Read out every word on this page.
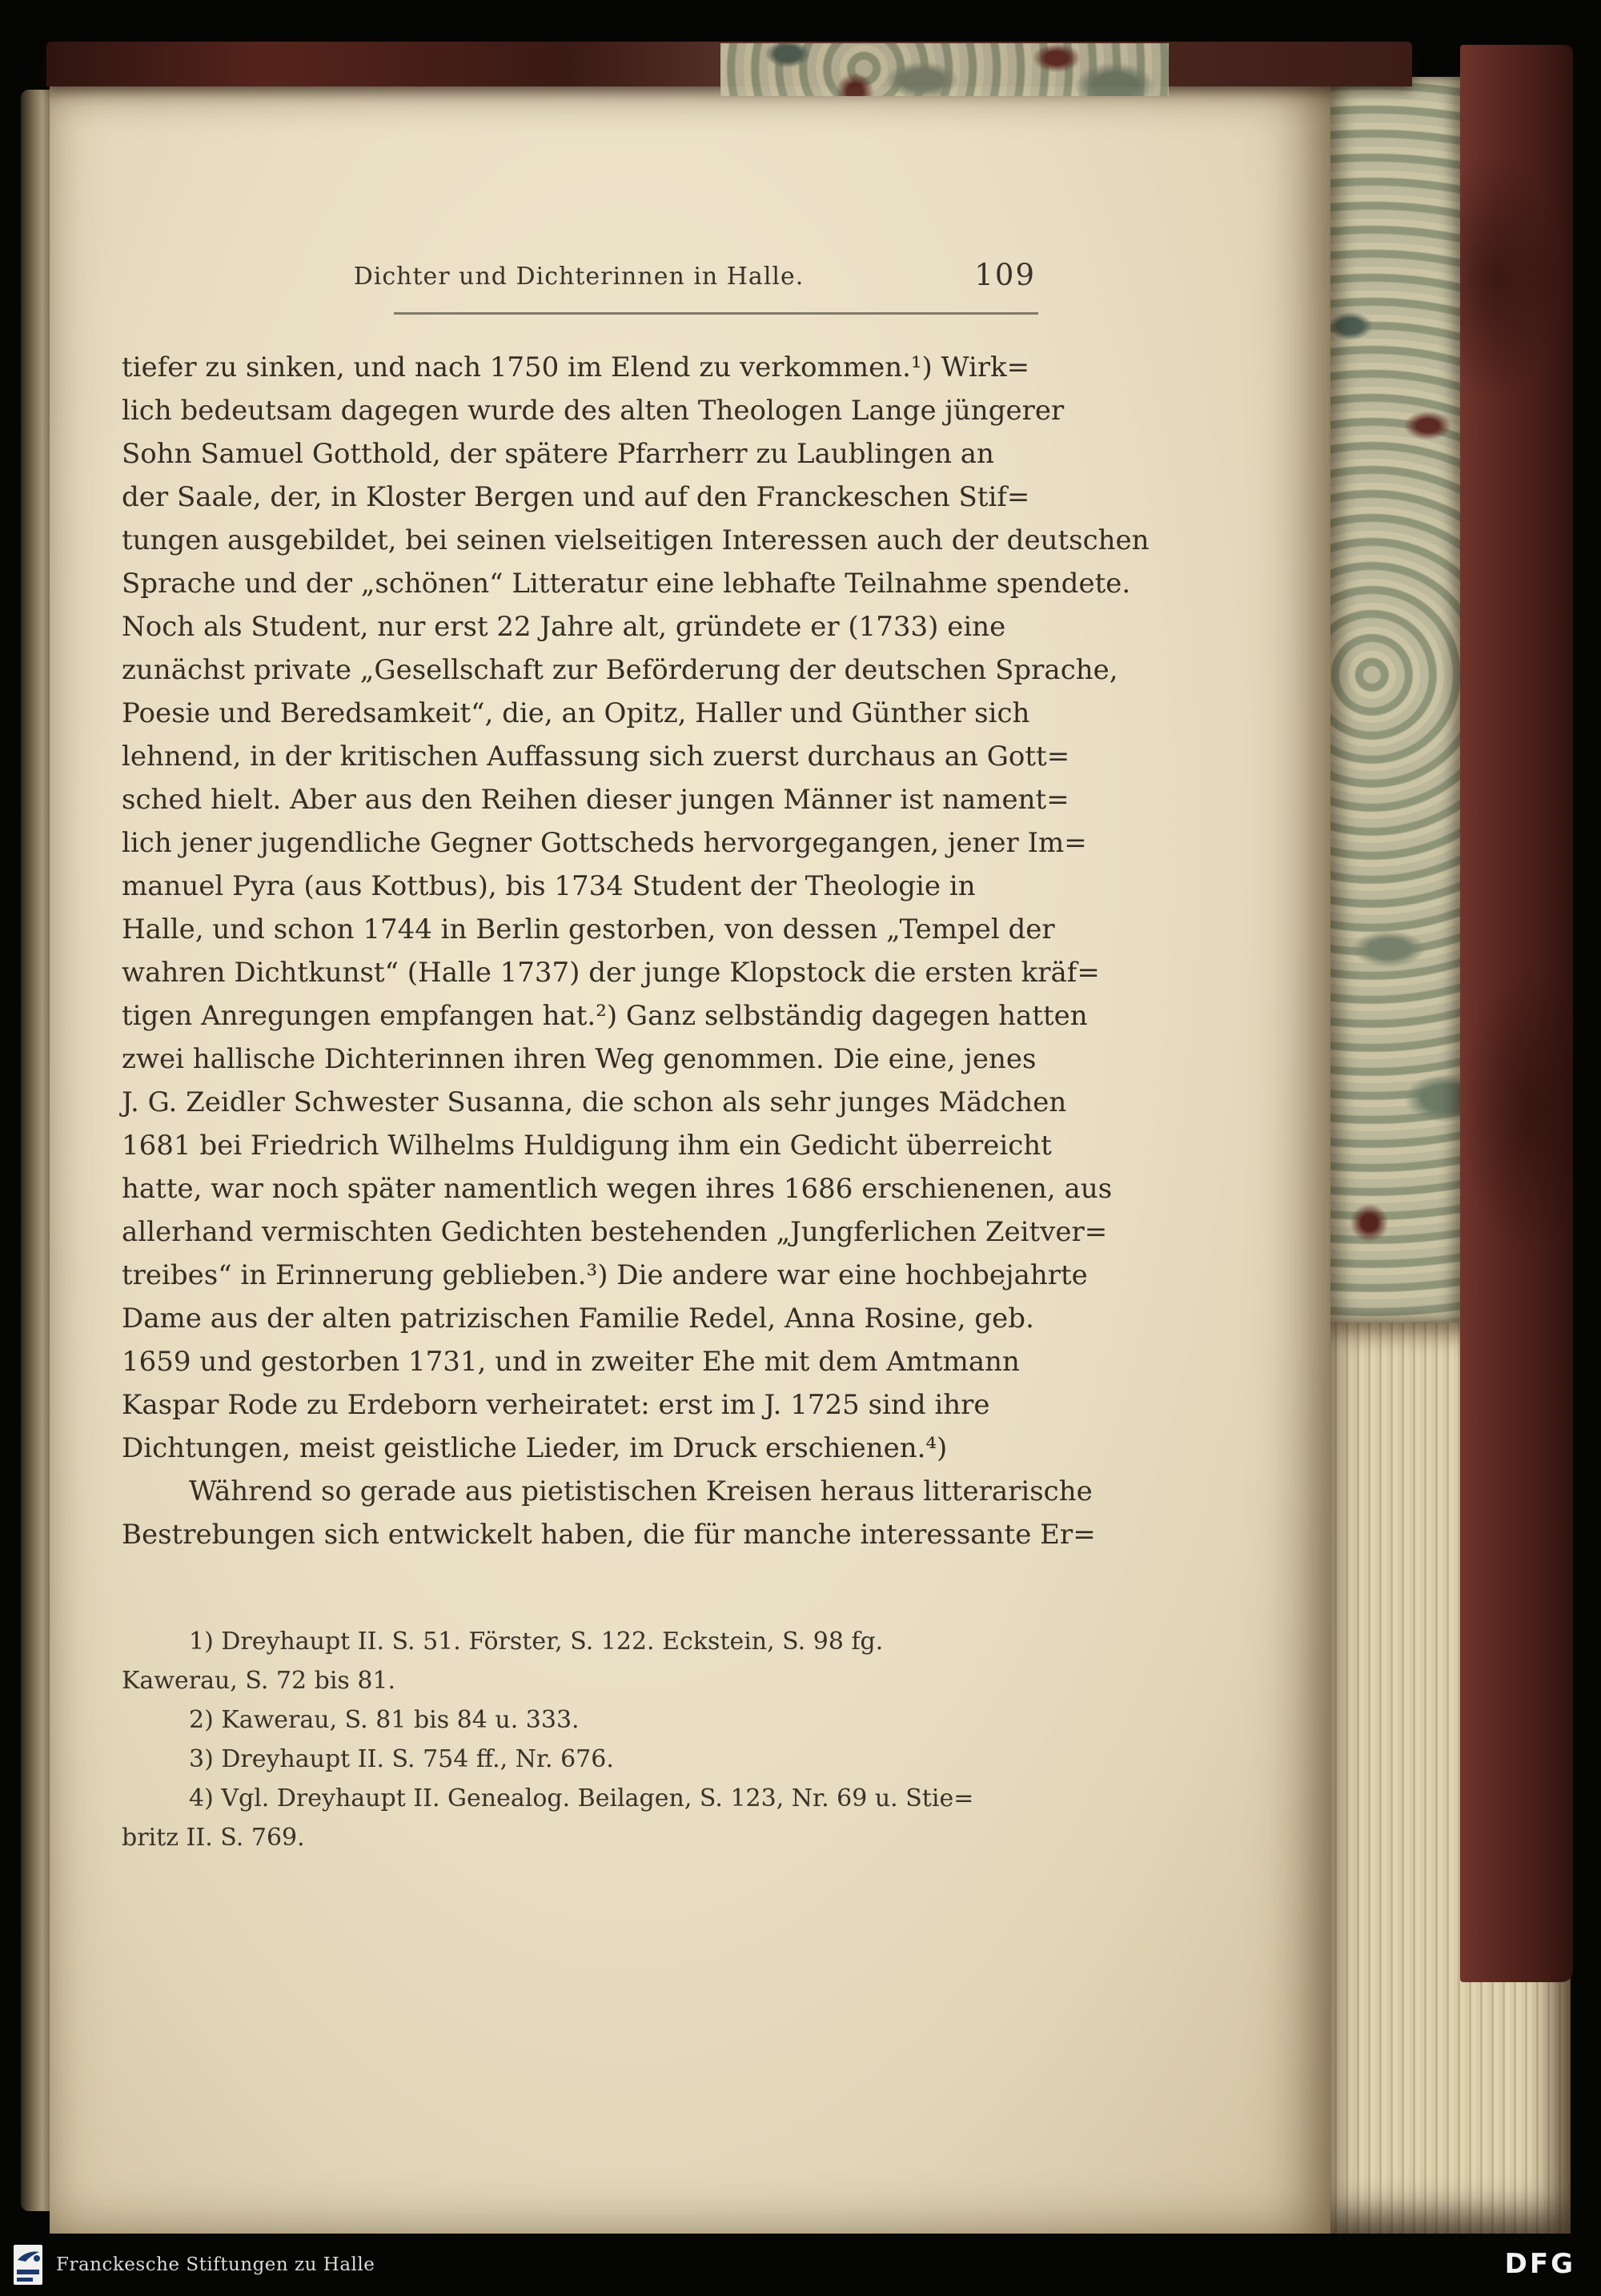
Dichter und Dichterinnen in Halle.	109
tiefer zu sinken, und nach 1750 im Elend zu verkommen.¹) Wirk=
lich bedeutsam dagegen wurde des alten Theologen Lange jüngerer
Sohn Samuel Gotthold, der spätere Pfarrherr zu Laublingen an
der Saale, der, in Kloster Bergen und auf den Franckeschen Stif=
tungen ausgebildet, bei seinen vielseitigen Interessen auch der deutschen
Sprache und der „schönen“ Litteratur eine lebhafte Teilnahme spendete.
Noch als Student, nur erst 22 Jahre alt, gründete er (1733) eine
zunächst private „Gesellschaft zur Beförderung der deutschen Sprache,
Poesie und Beredsamkeit“, die, an Opitz, Haller und Günther sich
lehnend, in der kritischen Auffassung sich zuerst durchaus an Gott=
sched hielt. Aber aus den Reihen dieser jungen Männer ist nament=
lich jener jugendliche Gegner Gottscheds hervorgegangen, jener Im=
manuel Pyra (aus Kottbus), bis 1734 Student der Theologie in
Halle, und schon 1744 in Berlin gestorben, von dessen „Tempel der
wahren Dichtkunst“ (Halle 1737) der junge Klopstock die ersten kräf=
tigen Anregungen empfangen hat.²) Ganz selbständig dagegen hatten
zwei hallische Dichterinnen ihren Weg genommen. Die eine, jenes
J. G. Zeidler Schwester Susanna, die schon als sehr junges Mädchen
1681 bei Friedrich Wilhelms Huldigung ihm ein Gedicht überreicht
hatte, war noch später namentlich wegen ihres 1686 erschienenen, aus
allerhand vermischten Gedichten bestehenden „Jungferlichen Zeitver=
treibes“ in Erinnerung geblieben.³) Die andere war eine hochbejahrte
Dame aus der alten patrizischen Familie Redel, Anna Rosine, geb.
1659 und gestorben 1731, und in zweiter Ehe mit dem Amtmann
Kaspar Rode zu Erdeborn verheiratet: erst im J. 1725 sind ihre
Dichtungen, meist geistliche Lieder, im Druck erschienen.⁴)
Während so gerade aus pietistischen Kreisen heraus litterarische
Bestrebungen sich entwickelt haben, die für manche interessante Er=
1) Dreyhaupt II. S. 51. Förster, S. 122. Eckstein, S. 98 fg.
Kawerau, S. 72 bis 81.
2) Kawerau, S. 81 bis 84 u. 333.
3) Dreyhaupt II. S. 754 ff., Nr. 676.
4) Vgl. Dreyhaupt II. Genealog. Beilagen, S. 123, Nr. 69 u. Stie=
britz II. S. 769.
Franckesche Stiftungen zu Halle	DFG
